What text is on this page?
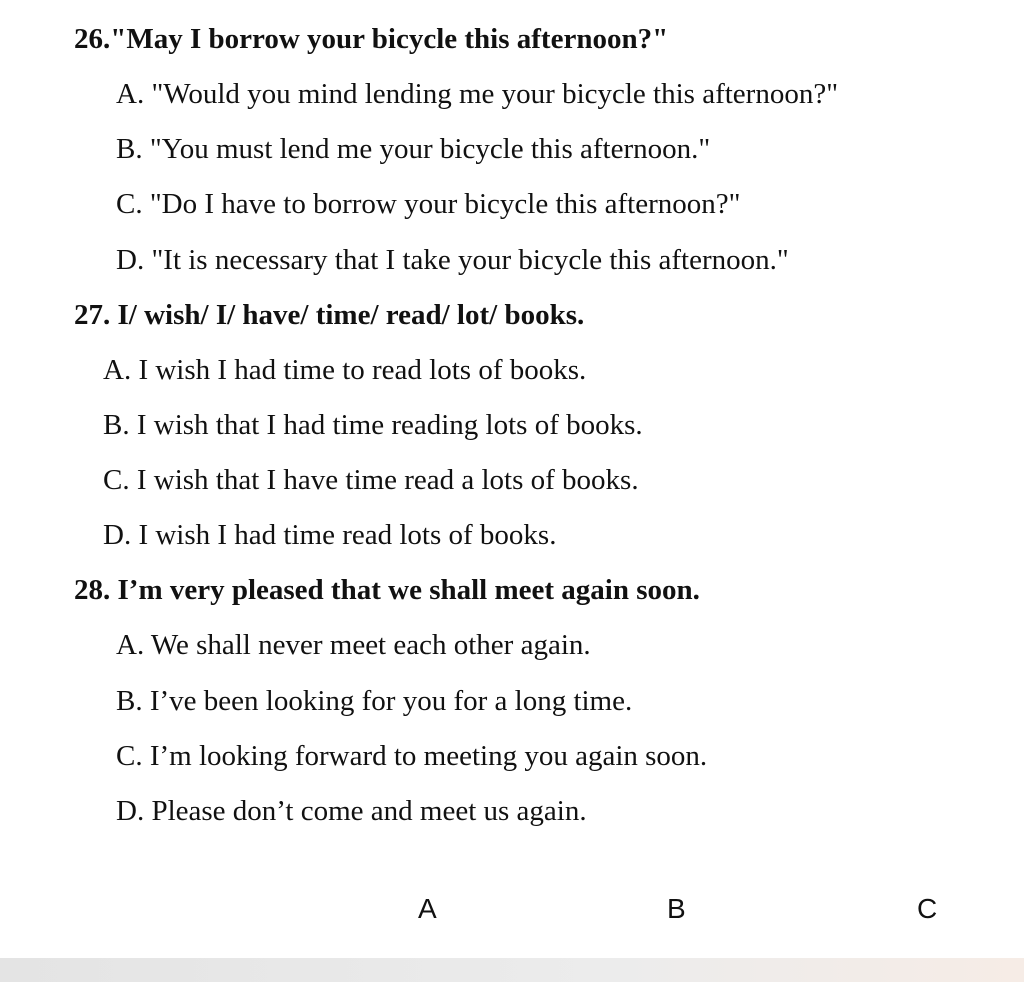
26."May I borrow your bicycle this afternoon?"
A. "Would you mind lending me your bicycle this afternoon?"
B. "You must lend me your bicycle this afternoon."
C. "Do I have to borrow your bicycle this afternoon?"
D. "It is necessary that I take your bicycle this afternoon."
27. I/ wish/ I/ have/ time/ read/ lot/ books.
A. I wish I had time to read lots of books.
B. I wish that I had time reading lots of books.
C. I wish that I have time read a lots of books.
D. I wish I had time read lots of books.
28. I’m very pleased that we shall meet again soon.
A. We shall never meet each other again.
B. I’ve been looking for you for a long time.
C. I’m looking forward to meeting you again soon.
D. Please don’t come and meet us again.
A	B	C
